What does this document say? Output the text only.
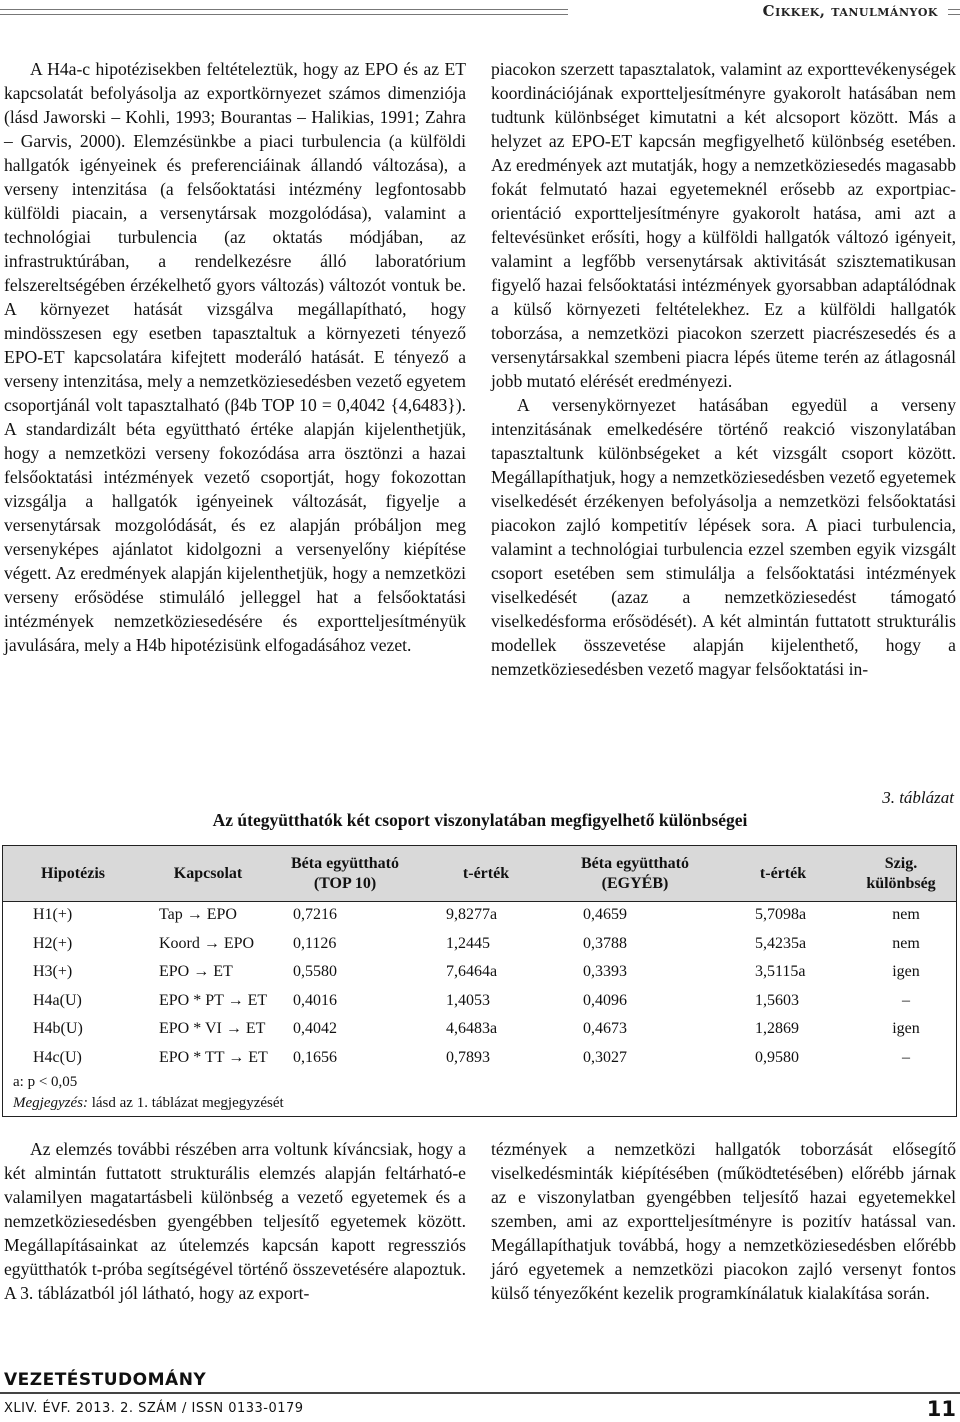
Cikkek, tanulmányok

A H4a-c hipotézisekben feltételeztük, hogy az EPO és az ET kapcsolatát befolyásolja az exportkörnyezet számos dimenziója (lásd Jaworski – Kohli, 1993; Bourantas – Halikias, 1991; Zahra – Garvis, 2000). Elemzésünkbe a piaci turbulencia (a külföldi hallgatók igényeinek és preferenciáinak állandó változása), a verseny intenzitása (a felsőoktatási intézmény legfontosabb külföldi piacain, a versenytársak mozgolódása), valamint a technológiai turbulencia (az oktatás módjában, az infrastruktúrában, a rendelkezésre álló laboratórium felszereltségében érzékelhető gyors változás) változót vontuk be. A környezet hatását vizsgálva megállapítható, hogy mindösszesen egy esetben tapasztaltuk a környezeti tényező EPO-ET kapcsolatára kifejtett moderáló hatását. E tényező a verseny intenzitása, mely a nemzetköziesedésben vezető egyetem csoportjánál volt tapasztalható (β4b TOP 10 = 0,4042 {4,6483}). A standardizált béta együttható értéke alapján kijelenthetjük, hogy a nemzetközi verseny fokozódása arra ösztönzi a hazai felsőoktatási intézmények vezető csoportját, hogy fokozottan vizsgálja a hallgatók igényeinek változását, figyelje a versenytársak mozgolódását, és ez alapján próbáljon meg versenyképes ajánlatot kidolgozni a versenyelőny kiépítése végett. Az eredmények alapján kijelenthetjük, hogy a nemzetközi verseny erősödése stimuláló jelleggel hat a felsőoktatási intézmények nemzetköziesedésére és exportteljesítményük javulására, mely a H4b hipotézisünk elfogadásához vezet.

piacokon szerzett tapasztalatok, valamint az exporttevékenységek koordinációjának exportteljesítményre gyakorolt hatásában nem tudtunk különbséget kimutatni a két alcsoport között. Más a helyzet az EPO-ET kapcsán megfigyelhető különbség esetében. Az eredmények azt mutatják, hogy a nemzetköziesedés magasabb fokát felmutató hazai egyetemeknél erősebb az exportpiac-orientáció exportteljesítményre gyakorolt hatása, ami azt a feltevésünket erősíti, hogy a külföldi hallgatók változó igényeit, valamint a legfőbb versenytársak aktivitását szisztematikusan figyelő hazai felsőoktatási intézmények gyorsabban adaptálódnak a külső környezeti feltételekhez. Ez a külföldi hallgatók toborzása, a nemzetközi piacokon szerzett piacrészesedés és a versenytársakkal szembeni piacra lépés üteme terén az átlagosnál jobb mutató elérését eredményezi.

A versenykörnyezet hatásában egyedül a verseny intenzitásának emelkedésére történő reakció viszonylatában tapasztaltunk különbségeket a két vizsgált csoport között. Megállapíthatjuk, hogy a nemzetköziesedésben vezető egyetemek viselkedését érzékenyen befolyásolja a nemzetközi felsőoktatási piacokon zajló kompetitív lépések sora. A piaci turbulencia, valamint a technológiai turbulencia ezzel szemben egyik vizsgált csoport esetében sem stimulálja a felsőoktatási intézmények viselkedését (azaz a nemzetköziesedést támogató viselkedésforma erősödését). A két almintán futtatott strukturális modellek összevetése alapján kijelenthető, hogy a nemzetköziesedésben vezető magyar felsőoktatási in-

3. táblázat
Az útegyütthatók két csoport viszonylatában megfigyelhető különbségei
Hipotézis	Kapcsolat
Béta együttható (TOP 10)
t-érték
Béta együttható (EGYÉB)
t-érték
Szig. különbség
H1(+)	Tap → EPO	0,7216	9,8277a	0,4659	5,7098a	nem
H2(+)	Koord → EPO	0,1126	1,2445	0,3788	5,4235a	nem
H3(+)	EPO → ET	0,5580	7,6464a	0,3393	3,5115a	igen
H4a(U)	EPO * PT → ET	0,4016	1,4053	0,4096	1,5603	–
H4b(U)	EPO * VI → ET	0,4042	4,6483a	0,4673	1,2869	igen
H4c(U)	EPO * TT → ET	0,1656	0,7893	0,3027	0,9580	–
a: p < 0,05
Megjegyzés: lásd az 1. táblázat megjegyzését

Az elemzés további részében arra voltunk kíváncsiak, hogy a két almintán futtatott strukturális elemzés alapján feltárható-e valamilyen magatartásbeli különbség a vezető egyetemek és a nemzetköziesedésben gyengébben teljesítő egyetemek között. Megállapításainkat az útelemzés kapcsán kapott regressziós együtthatók t-próba segítségével történő összevetésére alapoztuk. A 3. táblázatból jól látható, hogy az export-

tézmények a nemzetközi hallgatók toborzását elősegítő viselkedésminták kiépítésében (működtetésében) előrébb járnak az e viszonylatban gyengébben teljesítő hazai egyetemekkel szemben, ami az exportteljesítményre is pozitív hatással van. Megállapíthatjuk továbbá, hogy a nemzetköziesedésben előrébb járó egyetemek a nemzetközi piacokon zajló versenyt fontos külső tényezőként kezelik programkínálatuk kialakítása során.

VEZETÉSTUDOMÁNY
XLIV. ÉVF. 2013. 2. SZÁM / ISSN 0133-0179	11
